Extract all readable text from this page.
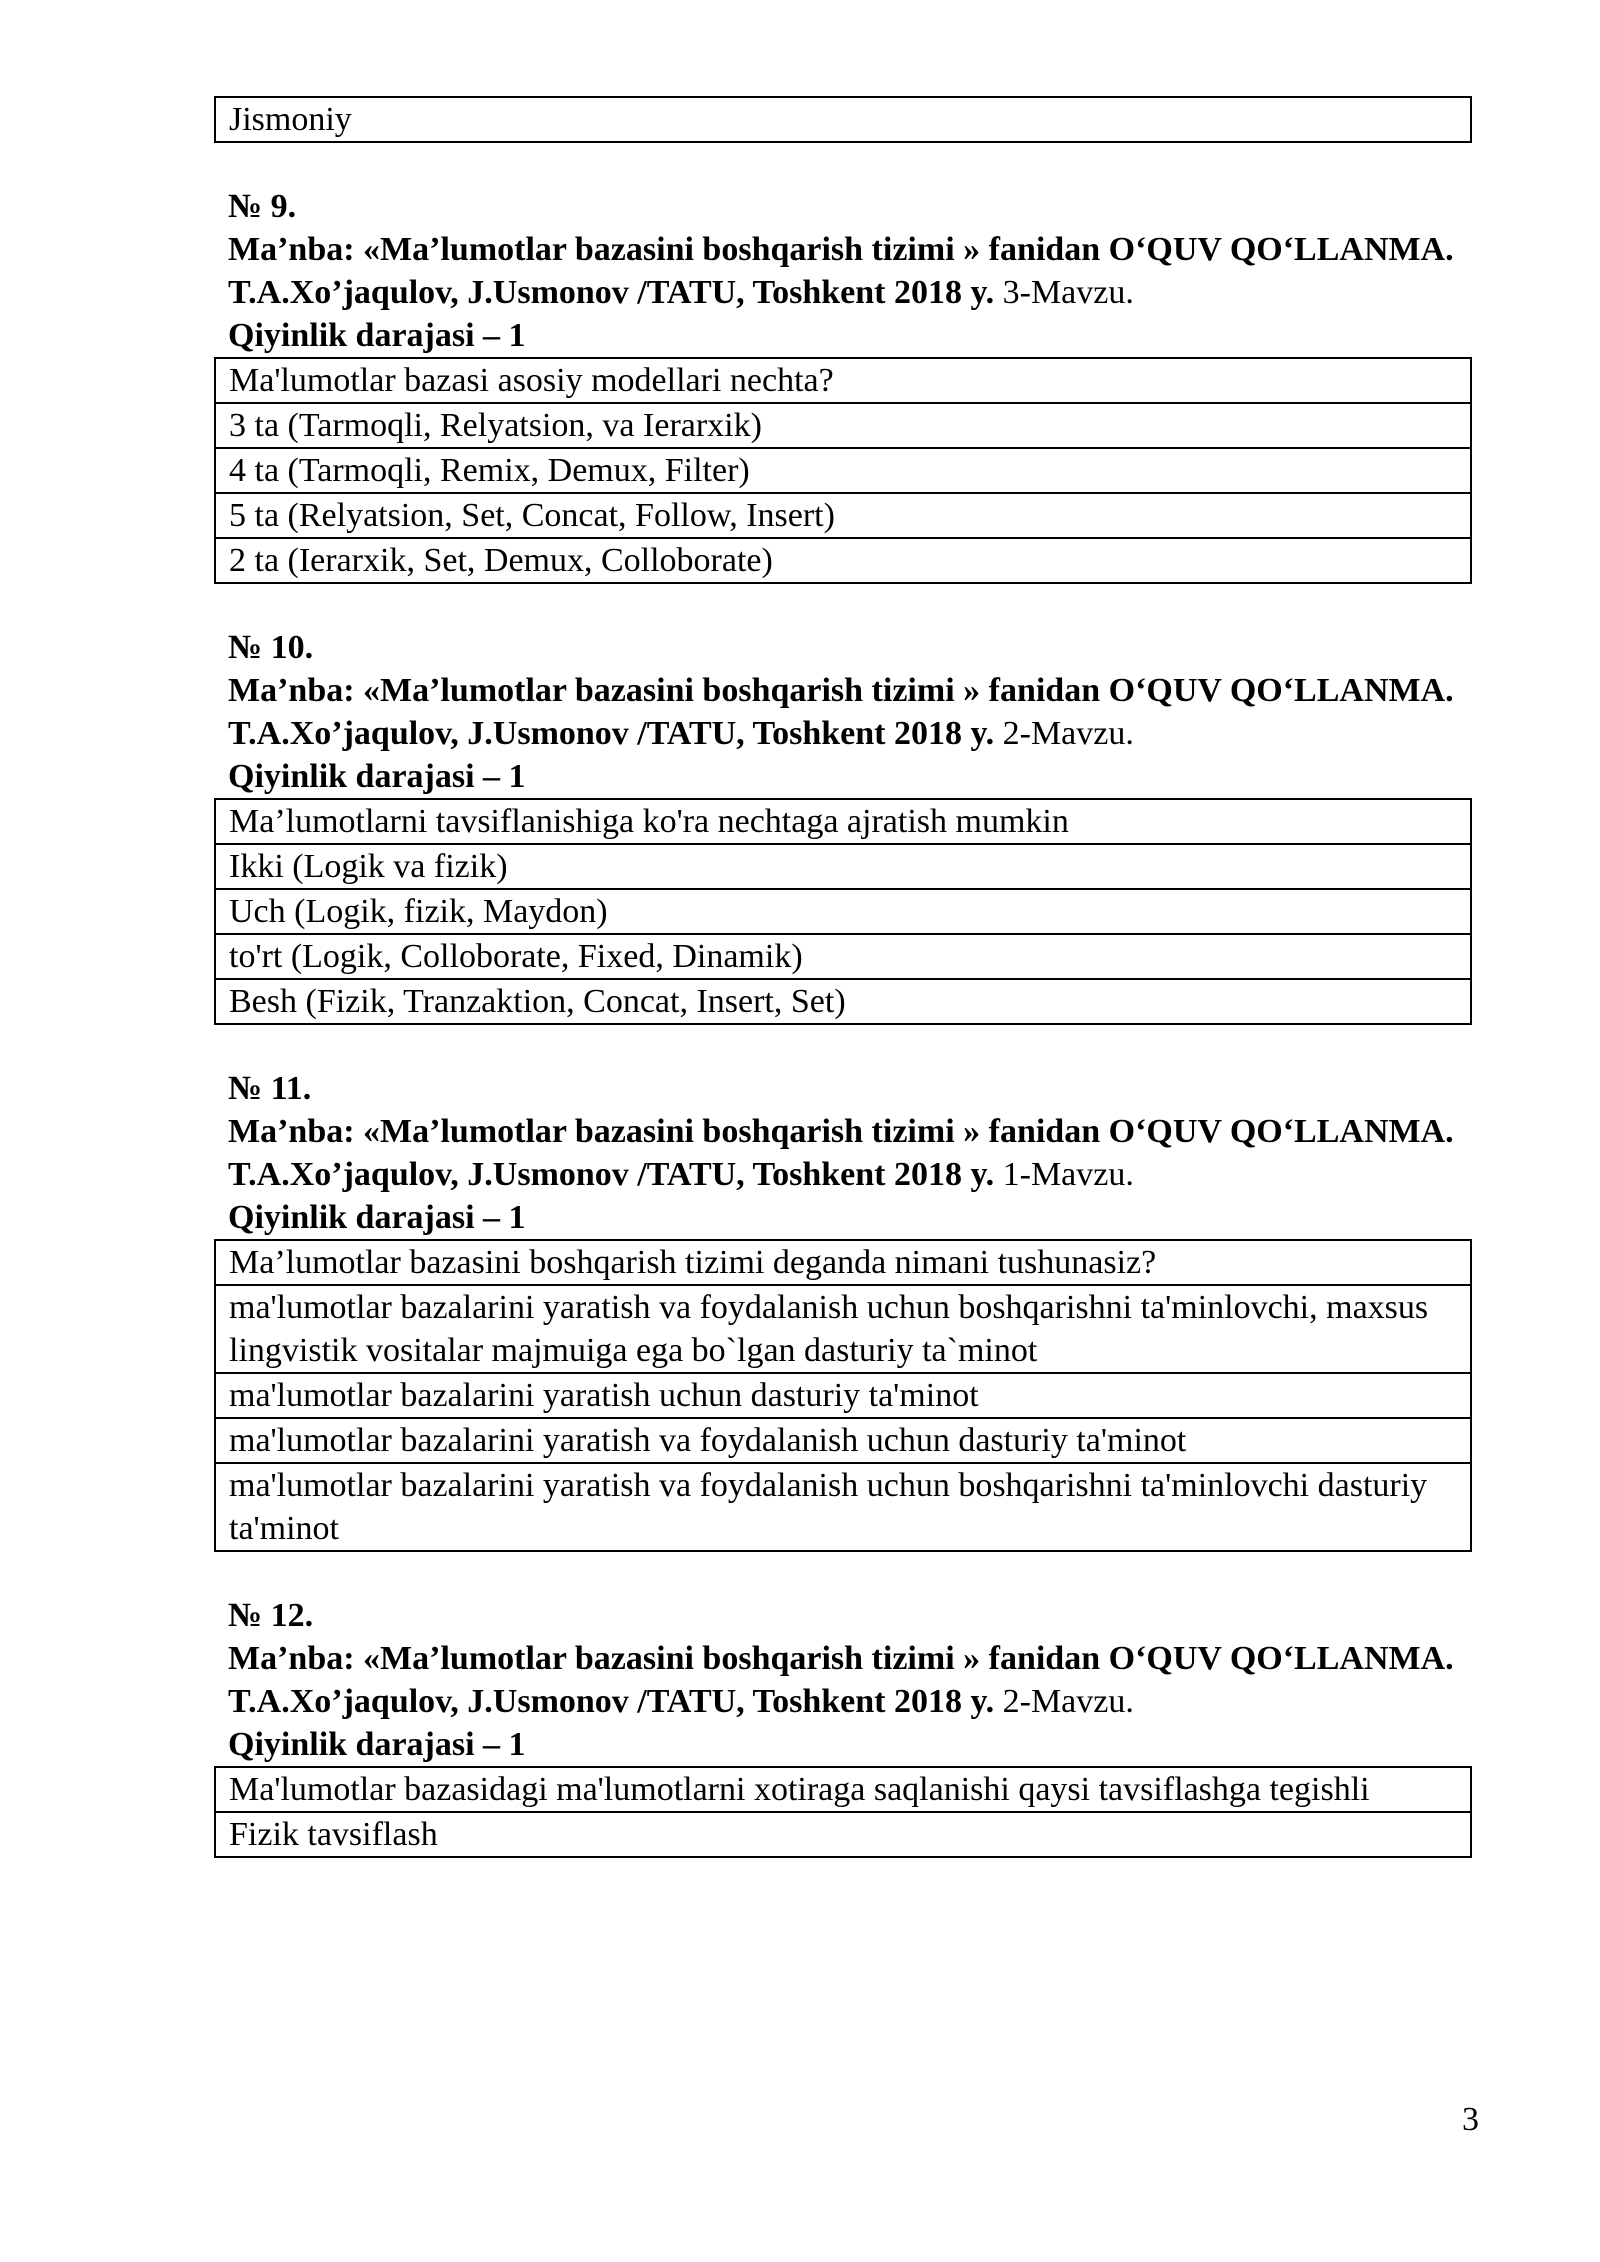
Jismoniy
№ 9.
Ma’nba: «Ma’lumotlar bazasini boshqarish tizimi » fanidan O‘QUV QO‘LLANMA. T.A.Xo’jaqulov, J.Usmonov /TATU, Toshkent 2018 y. 3-Mavzu.
Qiyinlik darajasi – 1
Ma'lumotlar bazasi asosiy modellari nechta?
3 ta (Tarmoqli, Relyatsion, va Ierarxik)
4 ta (Tarmoqli, Remix, Demux, Filter)
5 ta (Relyatsion, Set, Concat, Follow, Insert)
2 ta (Ierarxik, Set, Demux, Colloborate)
№ 10.
Ma’nba: «Ma’lumotlar bazasini boshqarish tizimi » fanidan O‘QUV QO‘LLANMA. T.A.Xo’jaqulov, J.Usmonov /TATU, Toshkent 2018 y. 2-Mavzu.
Qiyinlik darajasi – 1
Ma’lumotlarni tavsiflanishiga ko'ra nechtaga ajratish mumkin
Ikki (Logik va fizik)
Uch (Logik, fizik, Maydon)
to'rt (Logik, Colloborate, Fixed, Dinamik)
Besh (Fizik, Tranzaktion, Concat, Insert, Set)
№ 11.
Ma’nba: «Ma’lumotlar bazasini boshqarish tizimi » fanidan O‘QUV QO‘LLANMA. T.A.Xo’jaqulov, J.Usmonov /TATU, Toshkent 2018 y. 1-Mavzu.
Qiyinlik darajasi – 1
Ma’lumotlar bazasini boshqarish tizimi deganda nimani tushunasiz?
ma'lumotlar bazalarini yaratish va foydalanish uchun boshqarishni ta'minlovchi, maxsus lingvistik vositalar majmuiga ega bo`lgan dasturiy ta`minot
ma'lumotlar bazalarini yaratish uchun dasturiy ta'minot
ma'lumotlar bazalarini yaratish va foydalanish uchun dasturiy ta'minot
ma'lumotlar bazalarini yaratish va foydalanish uchun boshqarishni ta'minlovchi dasturiy ta'minot
№ 12.
Ma’nba: «Ma’lumotlar bazasini boshqarish tizimi » fanidan O‘QUV QO‘LLANMA. T.A.Xo’jaqulov, J.Usmonov /TATU, Toshkent 2018 y. 2-Mavzu.
Qiyinlik darajasi – 1
Ma'lumotlar bazasidagi ma'lumotlarni xotiraga saqlanishi qaysi tavsiflashga tegishli
Fizik tavsiflash
3
